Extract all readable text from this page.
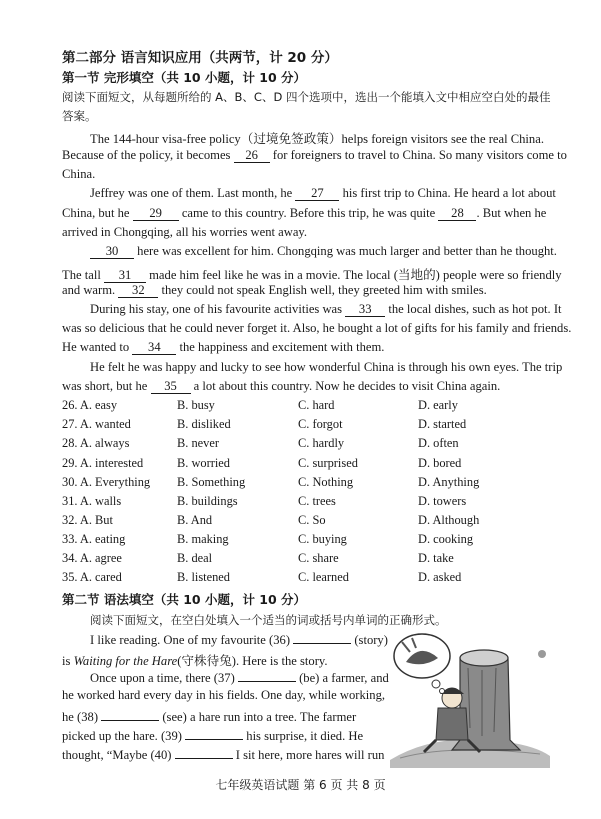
第二部分 语言知识应用（共两节，计 20 分）
第一节 完形填空（共 10 小题，计 10 分）
阅读下面短文，从每题所给的 A、B、C、D 四个选项中，选出一个能填入文中相应空白处的最佳
答案。
The 144-hour visa-free policy（过境免签政策）helps foreign visitors see the real China.
Because of the policy, it becomes 26 for foreigners to travel to China. So many visitors come to
China.
Jeffrey was one of them. Last month, he 27 his first trip to China. He heard a lot about
China, but he 29 came to this country. Before this trip, he was quite 28 . But when he
arrived in Chongqing, all his worries went away.
30 here was excellent for him. Chongqing was much larger and better than he thought.
The tall 31 made him feel like he was in a movie. The local (当地的) people were so friendly
and warm. 32 they could not speak English well, they greeted him with smiles.
During his stay, one of his favourite activities was 33 the local dishes, such as hot pot. It
was so delicious that he could never forget it. Also, he bought a lot of gifts for his family and friends.
He wanted to 34 the happiness and excitement with them.
He felt he was happy and lucky to see how wonderful China is through his own eyes. The trip
was short, but he 35 a lot about this country. Now he decides to visit China again.
26. A. easy	B. busy	C. hard	D. early
27. A. wanted	B. disliked	C. forgot	D. started
28. A. always	B. never	C. hardly	D. often
29. A. interested	B. worried	C. surprised	D. bored
30. A. Everything B. Something	C. Nothing	D. Anything
31. A. walls	B. buildings	C. trees	D. towers
32. A. But	B. And	C. So	D. Although
33. A. eating	B. making	C. buying	D. cooking
34. A. agree	B. deal	C. share	D. take
35. A. cared	B. listened	C. learned	D. asked
第二节 语法填空（共 10 小题，计 10 分）
阅读下面短文，在空白处填入一个适当的词或括号内单词的正确形式。
I like reading. One of my favourite (36)	(story)
is Waiting for the Hare(守株待兔). Here is the story.
Once upon a time, there (37)	(be) a farmer, and
he worked hard every day in his fields. One day, while working,
he (38)	(see) a hare run into a tree. The farmer
picked up the hare. (39)	his surprise, it died. He
thought, “Maybe (40)	I sit here, more hares will run
七年级英语试题 第 6 页 共 8 页
